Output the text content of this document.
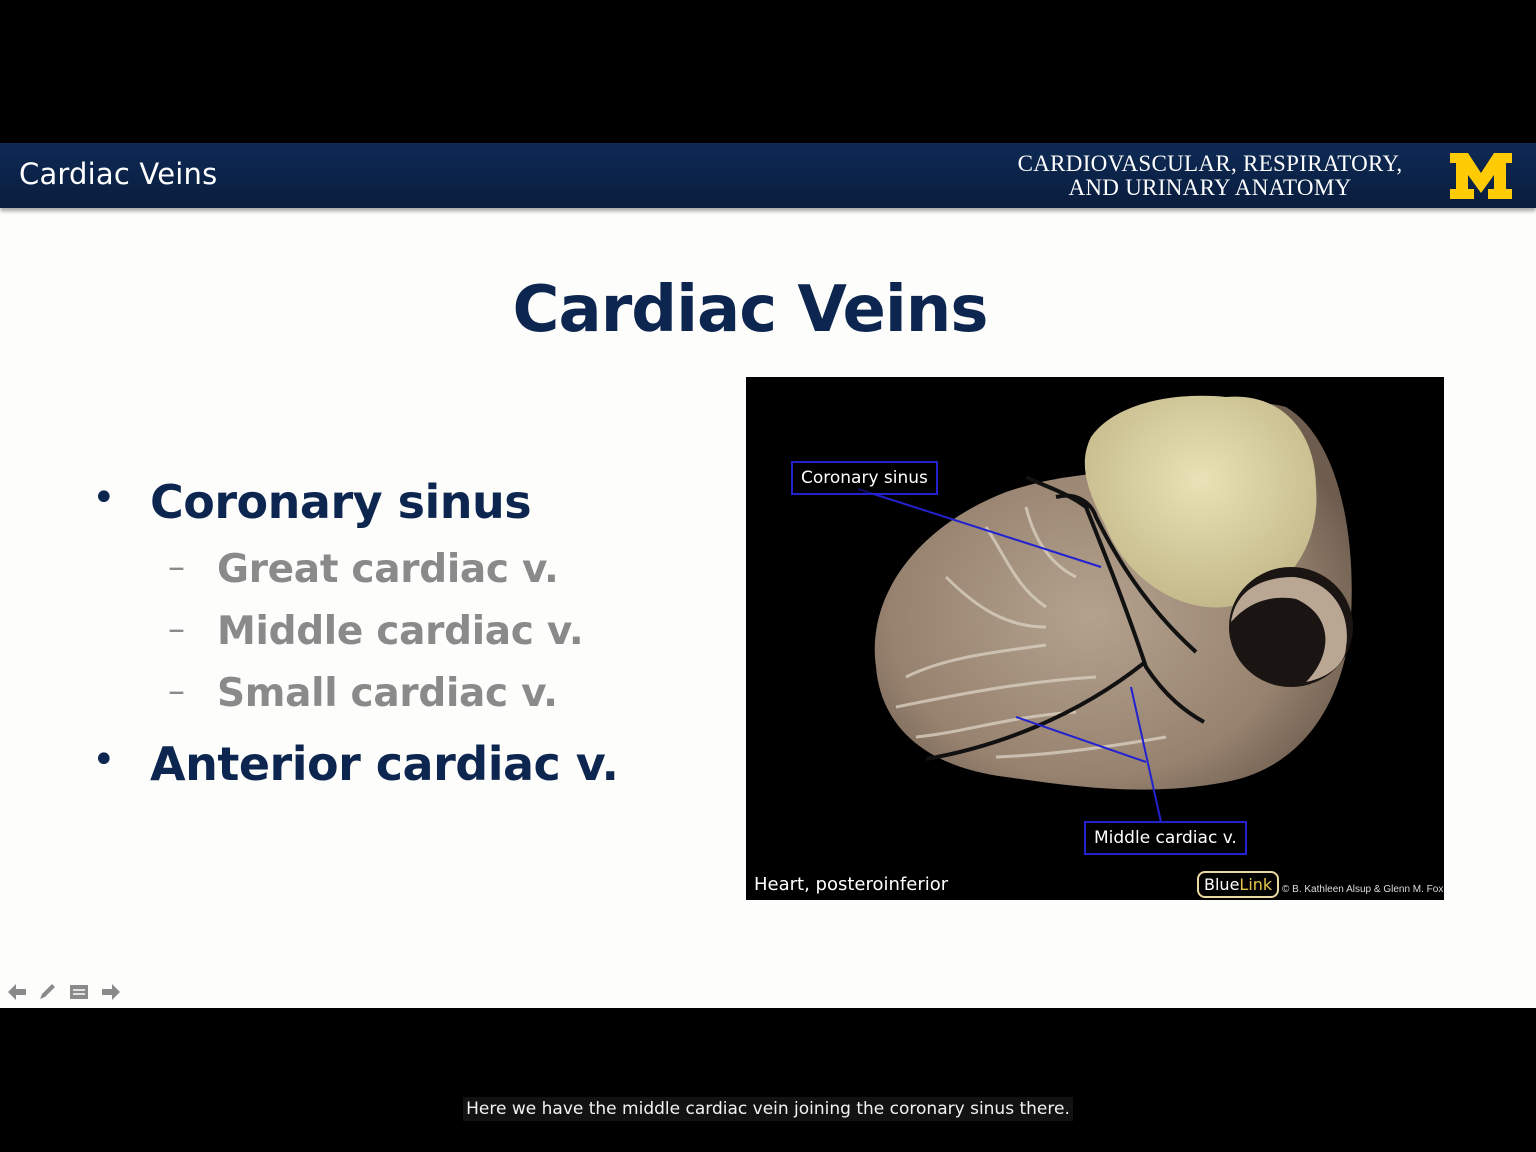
Cardiac Veins	CARDIOVASCULAR, RESPIRATORY,
AND URINARY ANATOMY
Cardiac Veins
• Coronary sinus
– Great cardiac v.
– Middle cardiac v.
– Small cardiac v.
• Anterior cardiac v.
Coronary sinus
Middle cardiac v.
Heart, posteroinferior	BlueLink © B. Kathleen Alsup & Glenn M. Fox
Here we have the middle cardiac vein joining the coronary sinus there.
